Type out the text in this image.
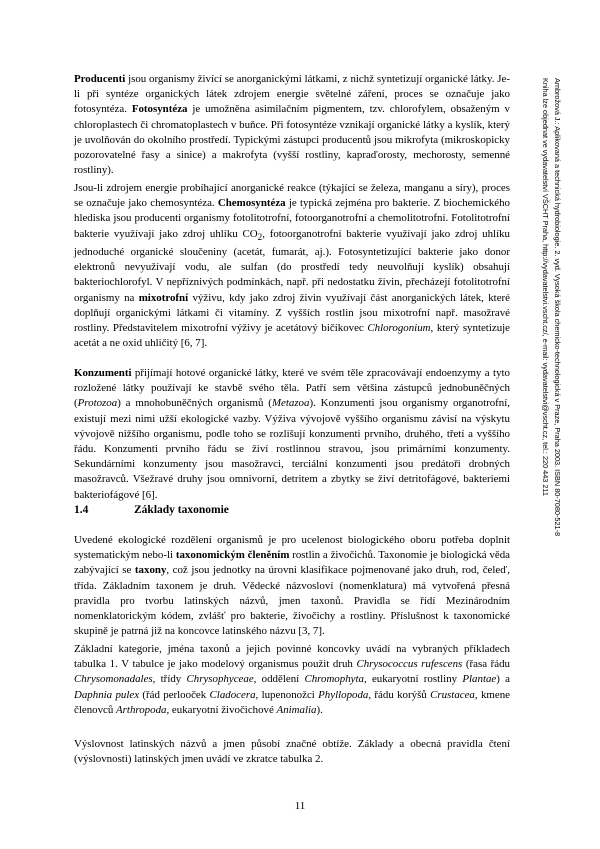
Ambrožová J.: Aplikovaná a technická hydrobiologie. 2. vyd. Vysoká škola chemicko-technologická v Praze, Praha 2003. ISBN 80-7080-521-8
Kniha lze objednat ve vydavatelství VŠCHT Praha, http://vydavatelstvi.vscht.cz/, e-mail: vydavatelstvi@vscht.cz, tel.: 220 443 211

Producenti jsou organismy živící se anorganickými látkami, z nichž syntetizují organické látky. Je-li při syntéze organických látek zdrojem energie světelné záření, proces se označuje jako fotosyntéza. Fotosyntéza je umožněna asimilačním pigmentem, tzv. chlorofylem, obsaženým v chloroplastech či chromatoplastech v buňce. Při fotosyntéze vznikají organické látky a kyslík, který je uvolňován do okolního prostředí. Typickými zástupci producentů jsou mikrofyta (mikroskopicky pozorovatelné řasy a sinice) a makrofyta (vyšší rostliny, kapraďorosty, mechorosty, semenné rostliny).

Jsou-li zdrojem energie probíhající anorganické reakce (týkající se železa, manganu a síry), proces se označuje jako chemosyntéza. Chemosyntéza je typická zejména pro bakterie. Z biochemického hlediska jsou producenti organismy fotolitotrofní, fotoorganotrofní a chemolitotrofní. Fotolitotrofní bakterie využívají jako zdroj uhlíku $CO_2$, fotoorganotrofní bakterie využívají jako zdroj uhlíku jednoduché organické sloučeniny (acetát, fumarát, aj.). Fotosyntetizující bakterie jako donor elektronů nevyužívají vodu, ale sulfan (do prostředí tedy neuvolňují kyslík) obsahují bakteriochlorofyl. V nepříznivých podmínkách, např. při nedostatku živin, přecházejí fotolitotrofní organismy na mixotrofní výživu, kdy jako zdroj živin využívají část anorganických látek, které doplňují organickými látkami či vitamíny. Z vyšších rostlin jsou mixotrofní např. masožravé rostliny. Představitelem mixotrofní výživy je acetátový bičíkovec Chlorogonium, který syntetizuje acetát a ne oxid uhličitý [6, 7].

Konzumenti přijímají hotové organické látky, které ve svém těle zpracovávají endoenzymy a tyto rozložené látky používají ke stavbě svého těla. Patří sem většina zástupců jednobuněčných (Protozoa) a mnohobuněčných organismů (Metazoa). Konzumenti jsou organismy organotrofní, existují mezi nimi užší ekologické vazby. Výživa vývojově vyššího organismu závisí na výskytu vývojově nižšího organismu, podle toho se rozlišují konzumenti prvního, druhého, třetí a vyššího řádu. Konzumenti prvního řádu se živí rostlinnou stravou, jsou primárními konzumenty. Sekundárními konzumenty jsou masožravci, terciální konzumenti jsou predátoři drobných masožravců. Všežravé druhy jsou omnivorní, detritem a zbytky se živí detritofágové, bakteriemi bakteriofágové [6].

1.4	Základy taxonomie

Uvedené ekologické rozdělení organismů je pro ucelenost biologického oboru potřeba doplnit systematickým nebo-li taxonomickým členěním rostlin a živočichů. Taxonomie je biologická věda zabývající se taxony, což jsou jednotky na úrovni klasifikace pojmenované jako druh, rod, čeleď, třída. Základním taxonem je druh. Vědecké názvosloví (nomenklatura) má vytvořená přesná pravidla pro tvorbu latinských názvů, jmen taxonů. Pravidla se řídí Mezinárodním nomenklatorickým kódem, zvlášť pro bakterie, živočichy a rostliny. Příslušnost k taxonomické skupině je patrná již na koncovce latinského názvu [3, 7].

Základní kategorie, jména taxonů a jejich povinné koncovky uvádí na vybraných příkladech tabulka 1. V tabulce je jako modelový organismus použit druh Chrysococcus rufescens (řasa řádu Chrysomonadales, třídy Chrysophyceae, oddělení Chromophyta, eukaryotní rostliny Plantae) a Daphnia pulex (řád perlooček Cladocera, lupenonožci Phyllopoda, řádu korýšů Crustacea, kmene členovců Arthropoda, eukaryotní živočichové Animalia).

Výslovnost latinských názvů a jmen působí značné obtíže. Základy a obecná pravidla čtení (výslovnosti) latinských jmen uvádí ve zkratce tabulka 2.

11
